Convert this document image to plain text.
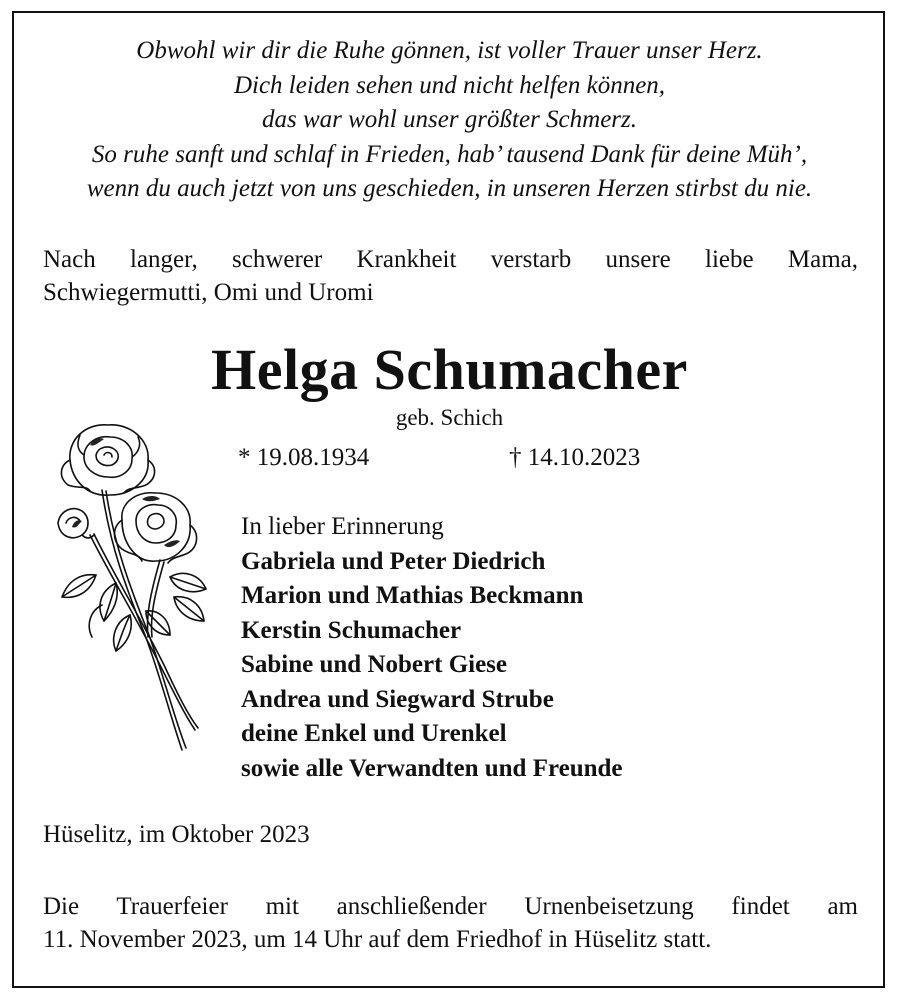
Obwohl wir dir die Ruhe gönnen, ist voller Trauer unser Herz.
Dich leiden sehen und nicht helfen können,
das war wohl unser größter Schmerz.
So ruhe sanft und schlaf in Frieden, hab’ tausend Dank für deine Müh’,
wenn du auch jetzt von uns geschieden, in unseren Herzen stirbst du nie.
Nach langer, schwerer Krankheit verstarb unsere liebe Mama,
Schwiegermutti, Omi und Uromi
Helga Schumacher
geb. Schich
* 19.08.1934	† 14.10.2023
In lieber Erinnerung
Gabriela und Peter Diedrich
Marion und Mathias Beckmann
Kerstin Schumacher
Sabine und Nobert Giese
Andrea und Siegward Strube
deine Enkel und Urenkel
sowie alle Verwandten und Freunde
Hüselitz, im Oktober 2023
Die Trauerfeier mit anschließender Urnenbeisetzung findet am
11. November 2023, um 14 Uhr auf dem Friedhof in Hüselitz statt.
